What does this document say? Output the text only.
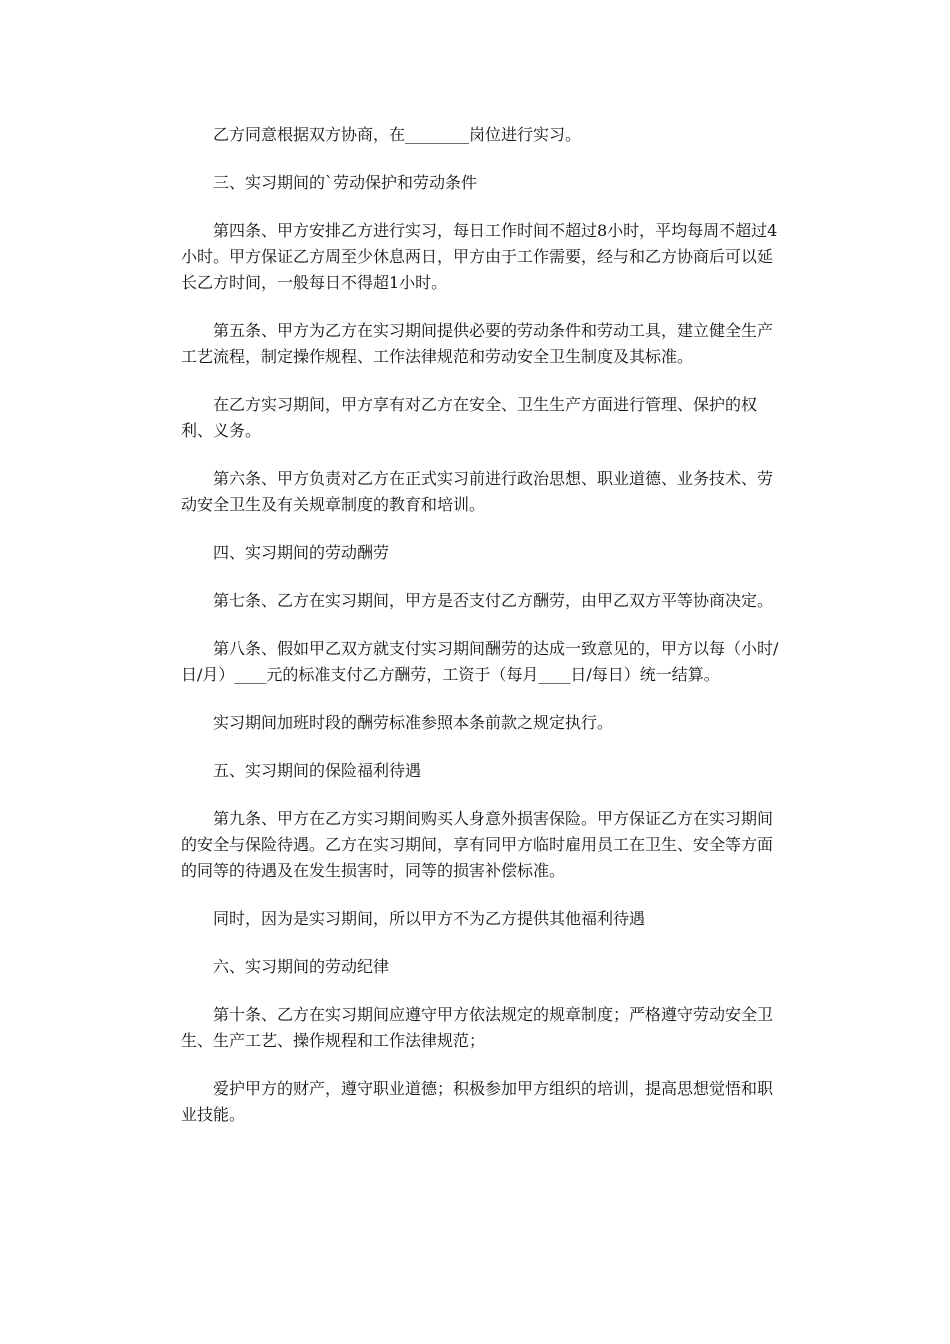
乙方同意根据双方协商，在________岗位进行实习。

三、实习期间的`劳动保护和劳动条件

第四条、甲方安排乙方进行实习，每日工作时间不超过8小时，平均每周不超过4小时。甲方保证乙方周至少休息两日，甲方由于工作需要，经与和乙方协商后可以延长乙方时间，一般每日不得超1小时。

第五条、甲方为乙方在实习期间提供必要的劳动条件和劳动工具，建立健全生产工艺流程，制定操作规程、工作法律规范和劳动安全卫生制度及其标准。

在乙方实习期间，甲方享有对乙方在安全、卫生生产方面进行管理、保护的权利、义务。

第六条、甲方负责对乙方在正式实习前进行政治思想、职业道德、业务技术、劳动安全卫生及有关规章制度的教育和培训。

四、实习期间的劳动酬劳

第七条、乙方在实习期间，甲方是否支付乙方酬劳，由甲乙双方平等协商决定。

第八条、假如甲乙双方就支付实习期间酬劳的达成一致意见的，甲方以每（小时/日/月）____元的标准支付乙方酬劳，工资于（每月____日/每日）统一结算。

实习期间加班时段的酬劳标准参照本条前款之规定执行。

五、实习期间的保险福利待遇

第九条、甲方在乙方实习期间购买人身意外损害保险。甲方保证乙方在实习期间的安全与保险待遇。乙方在实习期间，享有同甲方临时雇用员工在卫生、安全等方面的同等的待遇及在发生损害时，同等的损害补偿标准。

同时，因为是实习期间，所以甲方不为乙方提供其他福利待遇

六、实习期间的劳动纪律

第十条、乙方在实习期间应遵守甲方依法规定的规章制度；严格遵守劳动安全卫生、生产工艺、操作规程和工作法律规范；

爱护甲方的财产，遵守职业道德；积极参加甲方组织的培训，提高思想觉悟和职业技能。
